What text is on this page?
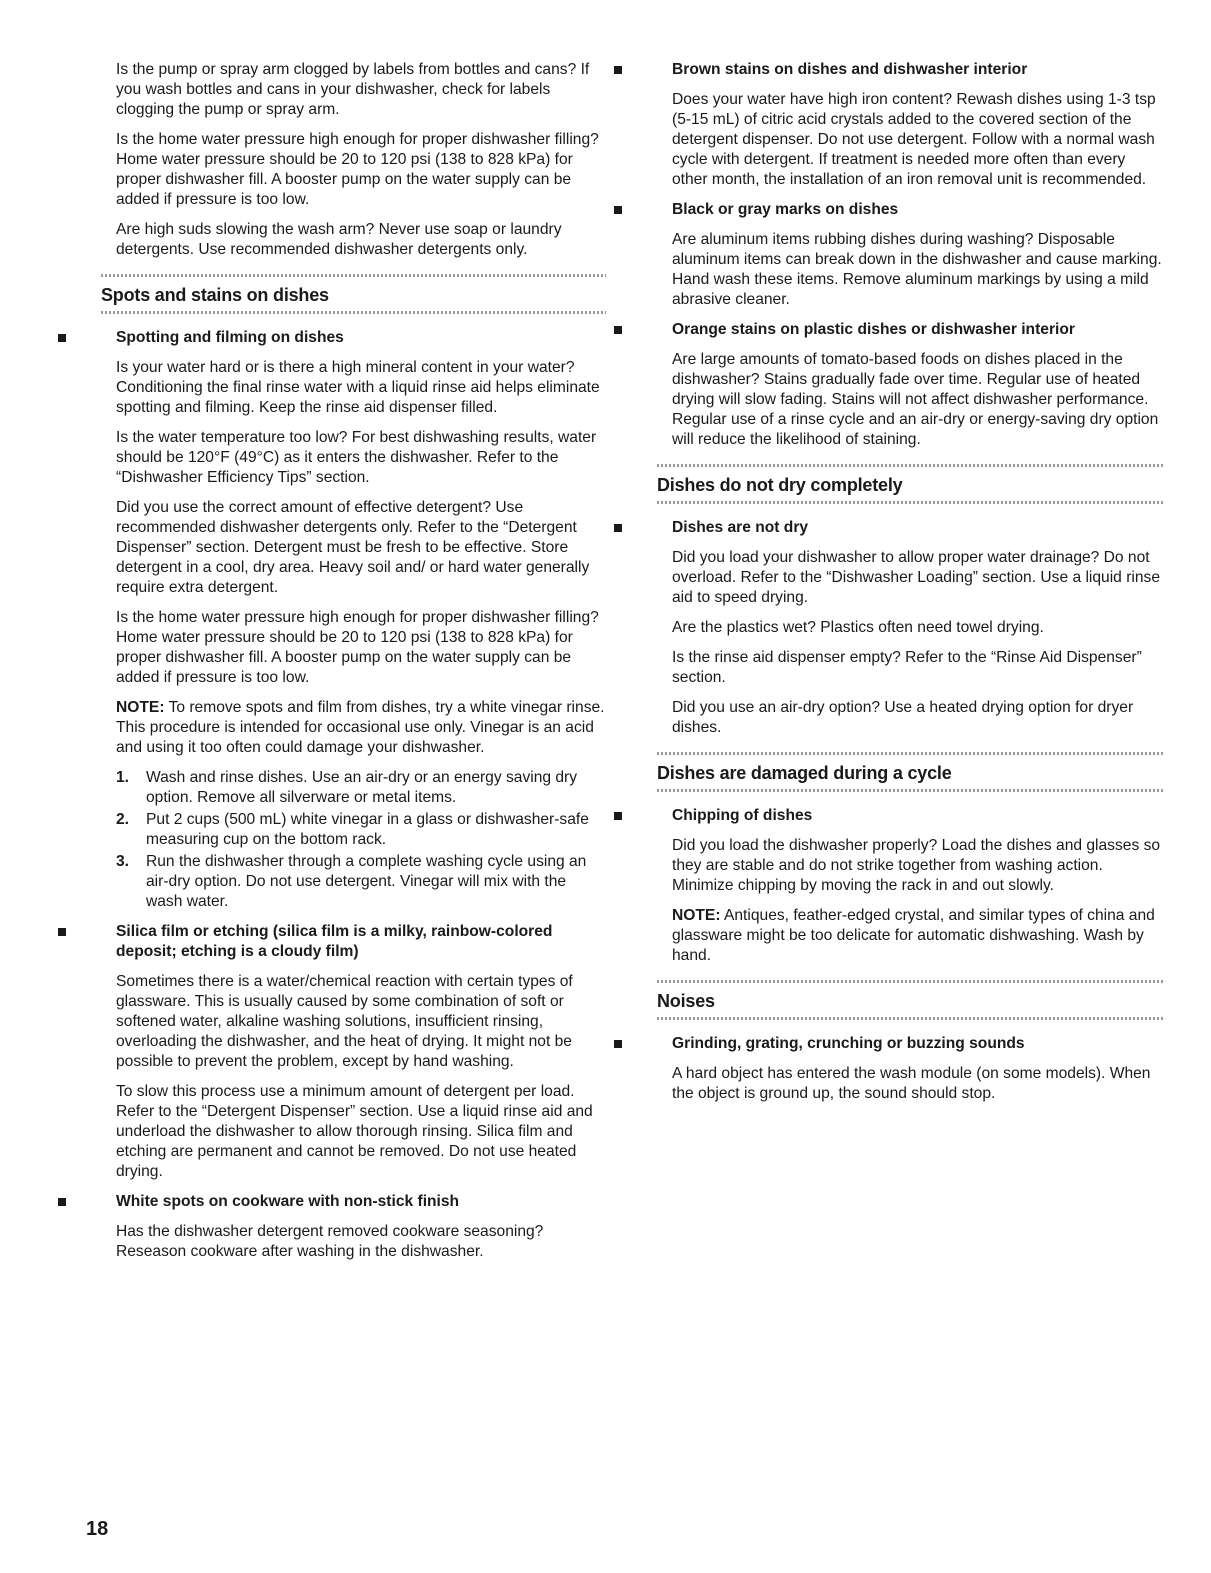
Is the pump or spray arm clogged by labels from bottles and cans? If you wash bottles and cans in your dishwasher, check for labels clogging the pump or spray arm.

Is the home water pressure high enough for proper dishwasher filling? Home water pressure should be 20 to 120 psi (138 to 828 kPa) for proper dishwasher fill. A booster pump on the water supply can be added if pressure is too low.

Are high suds slowing the wash arm? Never use soap or laundry detergents. Use recommended dishwasher detergents only.

Spots and stains on dishes
Spotting and filming on dishes

Is your water hard or is there a high mineral content in your water? Conditioning the final rinse water with a liquid rinse aid helps eliminate spotting and filming. Keep the rinse aid dispenser filled.

Is the water temperature too low? For best dishwashing results, water should be 120°F (49°C) as it enters the dishwasher. Refer to the “Dishwasher Efficiency Tips” section.

Did you use the correct amount of effective detergent? Use recommended dishwasher detergents only. Refer to the “Detergent Dispenser” section. Detergent must be fresh to be effective. Store detergent in a cool, dry area. Heavy soil and/ or hard water generally require extra detergent.

Is the home water pressure high enough for proper dishwasher filling? Home water pressure should be 20 to 120 psi (138 to 828 kPa) for proper dishwasher fill. A booster pump on the water supply can be added if pressure is too low.

NOTE: To remove spots and film from dishes, try a white vinegar rinse. This procedure is intended for occasional use only. Vinegar is an acid and using it too often could damage your dishwasher.

1. Wash and rinse dishes. Use an air-dry or an energy saving dry option. Remove all silverware or metal items.
2. Put 2 cups (500 mL) white vinegar in a glass or dishwasher-safe measuring cup on the bottom rack.
3. Run the dishwasher through a complete washing cycle using an air-dry option. Do not use detergent. Vinegar will mix with the wash water.
Silica film or etching (silica film is a milky, rainbow-colored deposit; etching is a cloudy film)

Sometimes there is a water/chemical reaction with certain types of glassware. This is usually caused by some combination of soft or softened water, alkaline washing solutions, insufficient rinsing, overloading the dishwasher, and the heat of drying. It might not be possible to prevent the problem, except by hand washing.

To slow this process use a minimum amount of detergent per load. Refer to the “Detergent Dispenser” section. Use a liquid rinse aid and underload the dishwasher to allow thorough rinsing. Silica film and etching are permanent and cannot be removed. Do not use heated drying.

White spots on cookware with non-stick finish

Has the dishwasher detergent removed cookware seasoning? Reseason cookware after washing in the dishwasher.

Brown stains on dishes and dishwasher interior

Does your water have high iron content? Rewash dishes using 1-3 tsp (5-15 mL) of citric acid crystals added to the covered section of the detergent dispenser. Do not use detergent. Follow with a normal wash cycle with detergent. If treatment is needed more often than every other month, the installation of an iron removal unit is recommended.

Black or gray marks on dishes

Are aluminum items rubbing dishes during washing? Disposable aluminum items can break down in the dishwasher and cause marking. Hand wash these items. Remove aluminum markings by using a mild abrasive cleaner.

Orange stains on plastic dishes or dishwasher interior

Are large amounts of tomato-based foods on dishes placed in the dishwasher? Stains gradually fade over time. Regular use of heated drying will slow fading. Stains will not affect dishwasher performance. Regular use of a rinse cycle and an air-dry or energy-saving dry option will reduce the likelihood of staining.

Dishes do not dry completely
Dishes are not dry

Did you load your dishwasher to allow proper water drainage? Do not overload. Refer to the “Dishwasher Loading” section. Use a liquid rinse aid to speed drying.

Are the plastics wet? Plastics often need towel drying.

Is the rinse aid dispenser empty? Refer to the “Rinse Aid Dispenser” section.

Did you use an air-dry option? Use a heated drying option for dryer dishes.

Dishes are damaged during a cycle
Chipping of dishes

Did you load the dishwasher properly? Load the dishes and glasses so they are stable and do not strike together from washing action. Minimize chipping by moving the rack in and out slowly.

NOTE: Antiques, feather-edged crystal, and similar types of china and glassware might be too delicate for automatic dishwashing. Wash by hand.

Noises
Grinding, grating, crunching or buzzing sounds

A hard object has entered the wash module (on some models). When the object is ground up, the sound should stop.

18
